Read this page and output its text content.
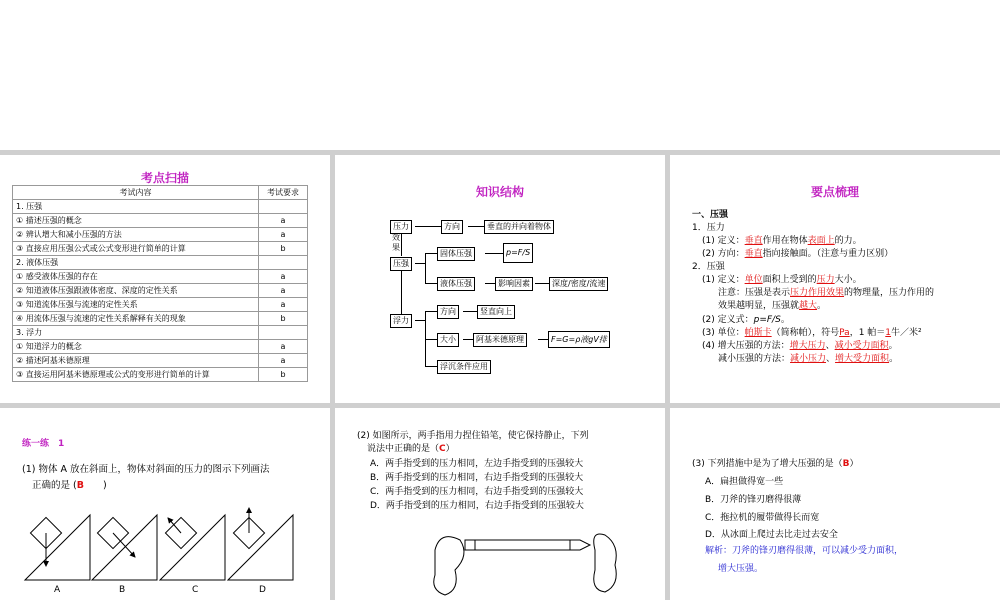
考点扫描
考试内容	考试要求
1. 压强	
① 描述压强的概念	a
② 辨认增大和减小压强的方法	a
③ 直接应用压强公式或公式变形进行简单的计算	b
2. 液体压强	
① 感受液体压强的存在	a
② 知道液体压强跟液体密度、深度的定性关系	a
③ 知道流体压强与流速的定性关系	a
④ 用流体压强与流速的定性关系解释有关的现象	b
3. 浮力	
① 知道浮力的概念	a
② 描述阿基米德原理	a
③ 直接运用阿基米德原理或公式的变形进行简单的计算	b
知识结构
压力	方向	垂直的并向着物体
效果
压强
固体压强	p=F/S
液体压强	影响因素	深度/密度/流速
浮力
方向	竖直向上
大小	阿基米德原理	F=G=ρ液gV排
浮沉条件应用
要点梳理
一、压强
1．压力
(1) 定义：垂直作用在物体表面上的力。
(2) 方向：垂直指向接触面。（注意与重力区别）
2．压强
(1) 定义：单位面积上受到的压力大小。
注意：压强是表示压力作用效果的物理量，压力作用的
效果越明显，压强就越大。
(2) 定义式：p=F/S。
(3) 单位：帕斯卡（简称帕），符号Pa，1 帕＝1牛／米²
(4) 增大压强的方法：增大压力、减小受力面积。
减小压强的方法：减小压力、增大受力面积。
练一练　1
(1) 物体 A 放在斜面上，物体对斜面的压力的图示下列画法
正确的是 (B　　)
A	B	C	D
(2) 如图所示，两手指用力捏住铅笔，使它保持静止，下列
说法中正确的是（C）
A．两手指受到的压力相同，左边手指受到的压强较大
B．两手指受到的压力相同，右边手指受到的压强较大
C．两手指受到的压力相同，右边手指受到的压强较大
D．两手指受到的压力相同，右边手指受到的压强较大
(3) 下列措施中是为了增大压强的是（B）
A．扁担做得宽一些
B．刀斧的锋刃磨得很薄
C．拖拉机的履带做得长而宽
D．从冰面上爬过去比走过去安全
解析：刀斧的锋刃磨得很薄，可以减少受力面积，
增大压强。
